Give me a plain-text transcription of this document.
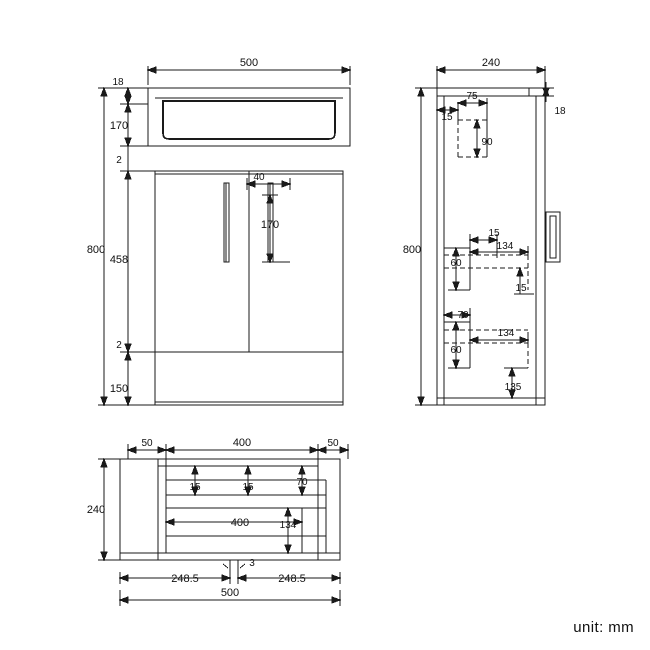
500
18
170
2
458
2
150
800
40
170
240
15
75
18
90
800
15
134
60
15
70
134
60
135
50	400	50
240
15	15	70
400	134
248.5
3
248.5
500
unit: mm
